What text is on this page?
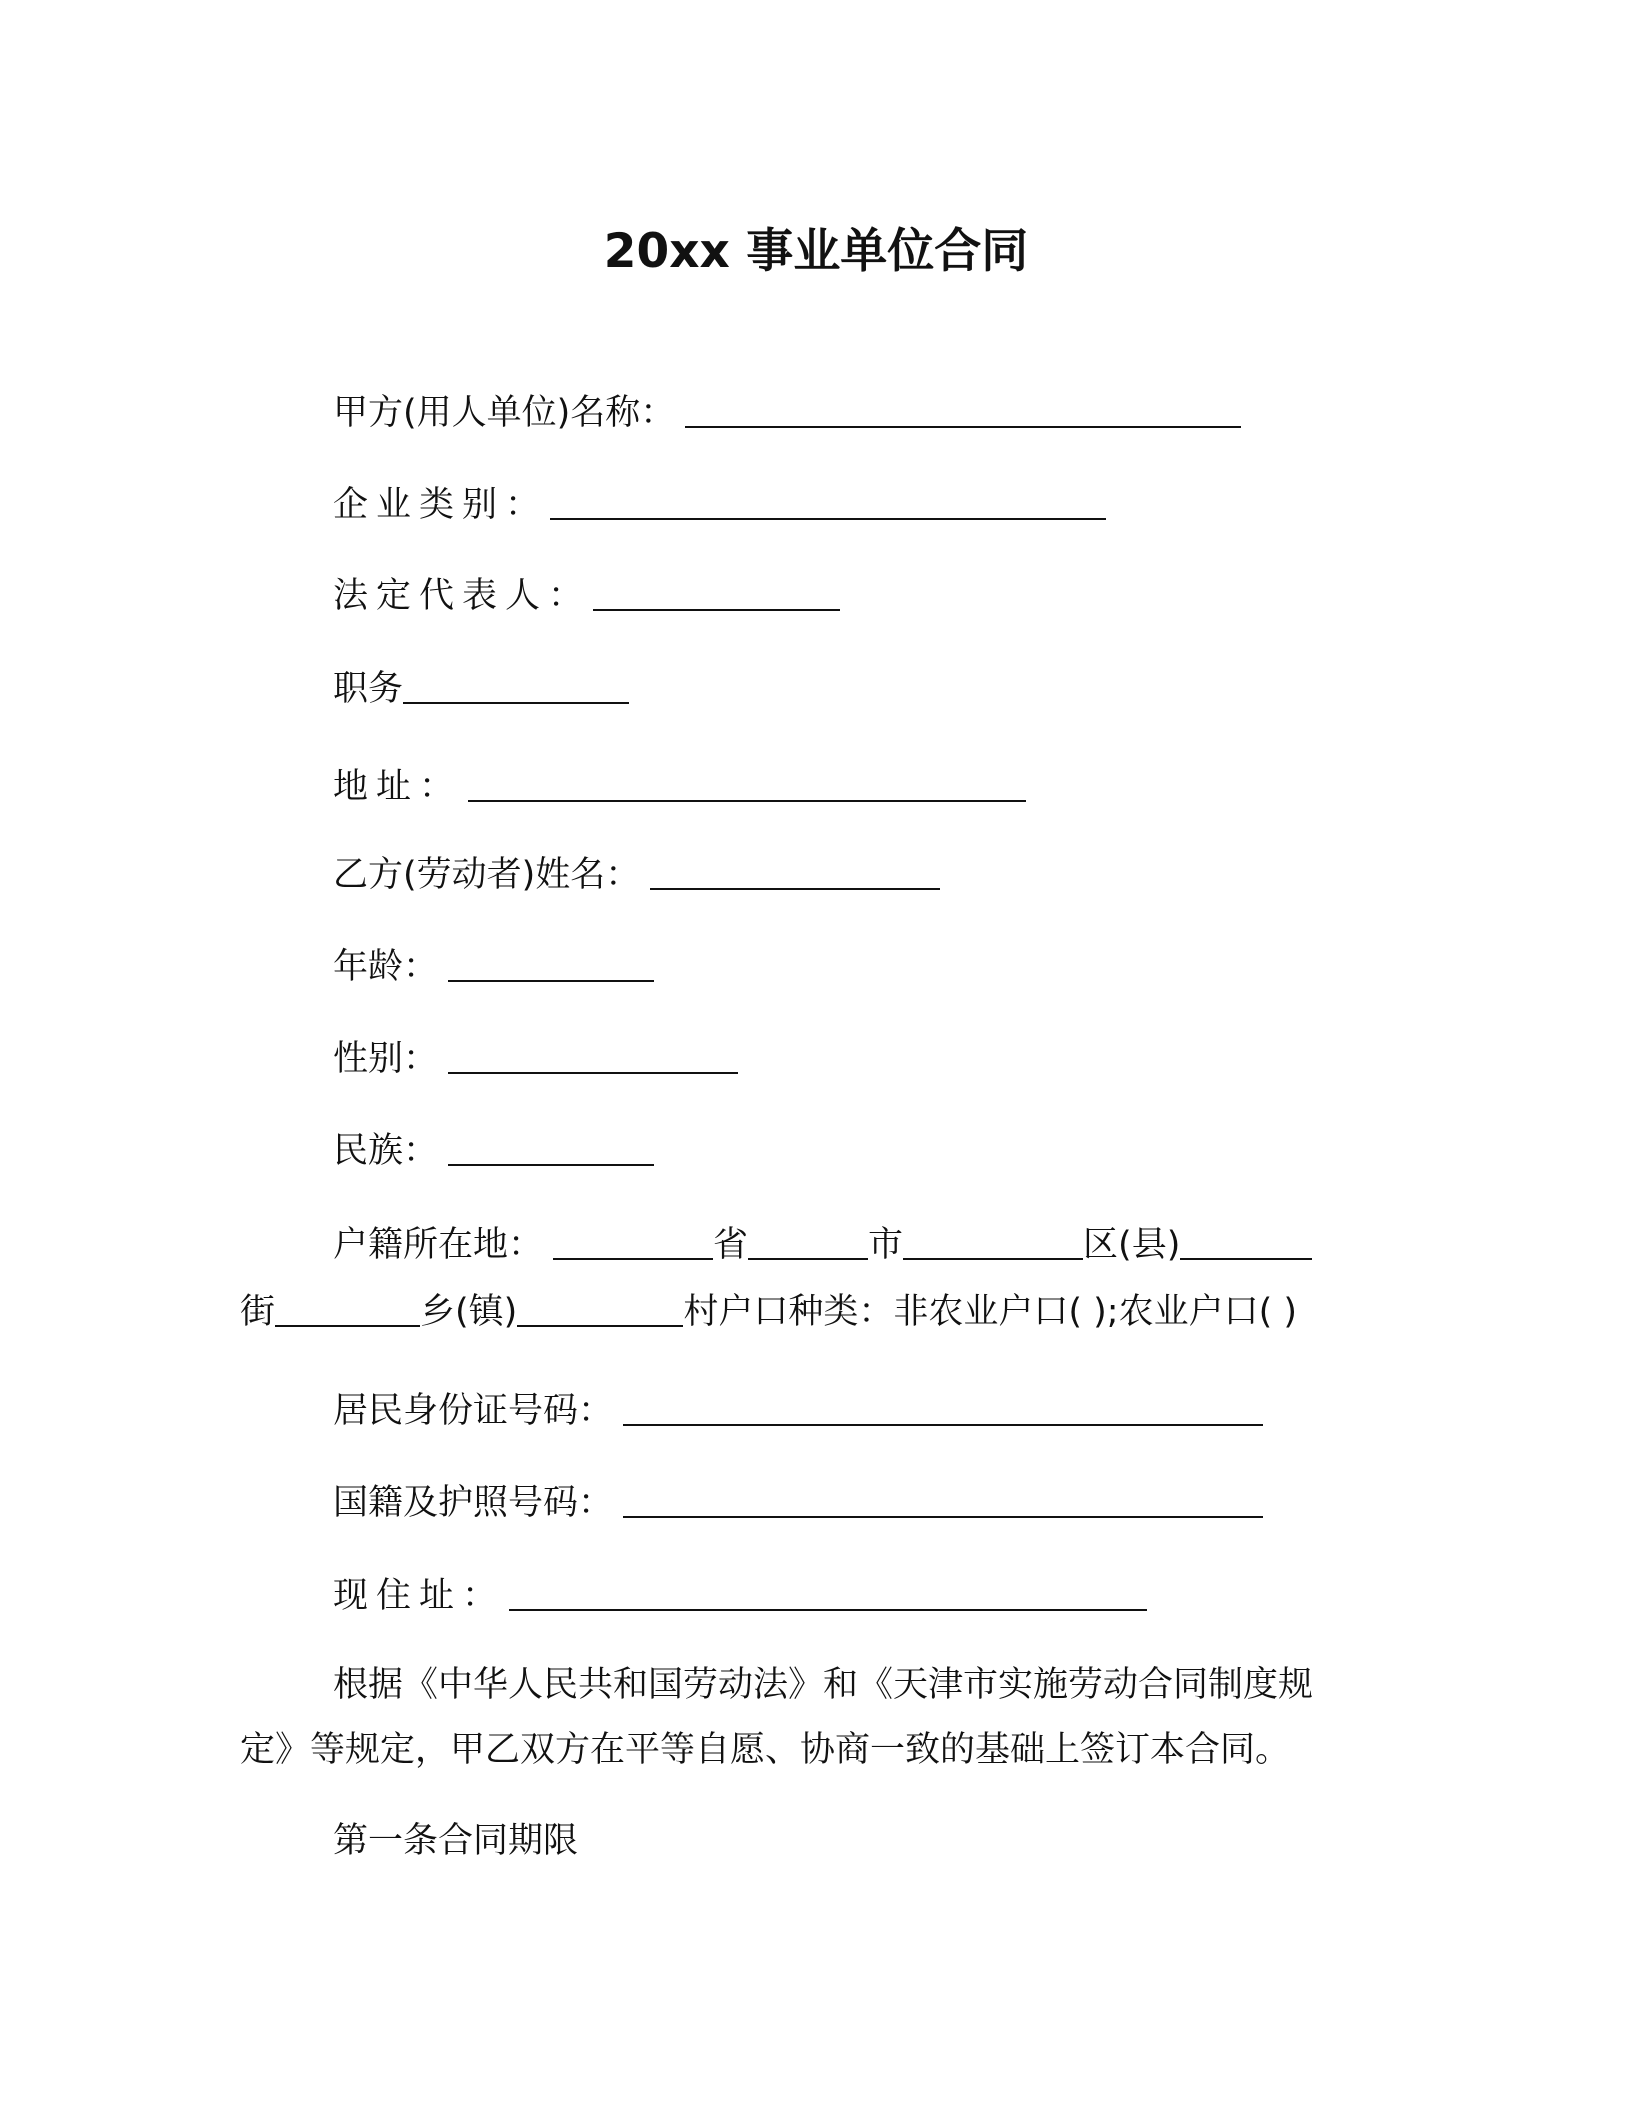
20xx 事业单位合同
甲方(用人单位)名称：
企业类别：
法定代表人：
职务
地址：
乙方(劳动者)姓名：
年龄：
性别：
民族：
户籍所在地：	省	市	区(县)
街	乡(镇)	村户口种类：非农业户口( );农业户口( )
居民身份证号码：
国籍及护照号码：
现住址：
根据《中华人民共和国劳动法》和《天津市实施劳动合同制度规
定》等规定，甲乙双方在平等自愿、协商一致的基础上签订本合同。
第一条合同期限
